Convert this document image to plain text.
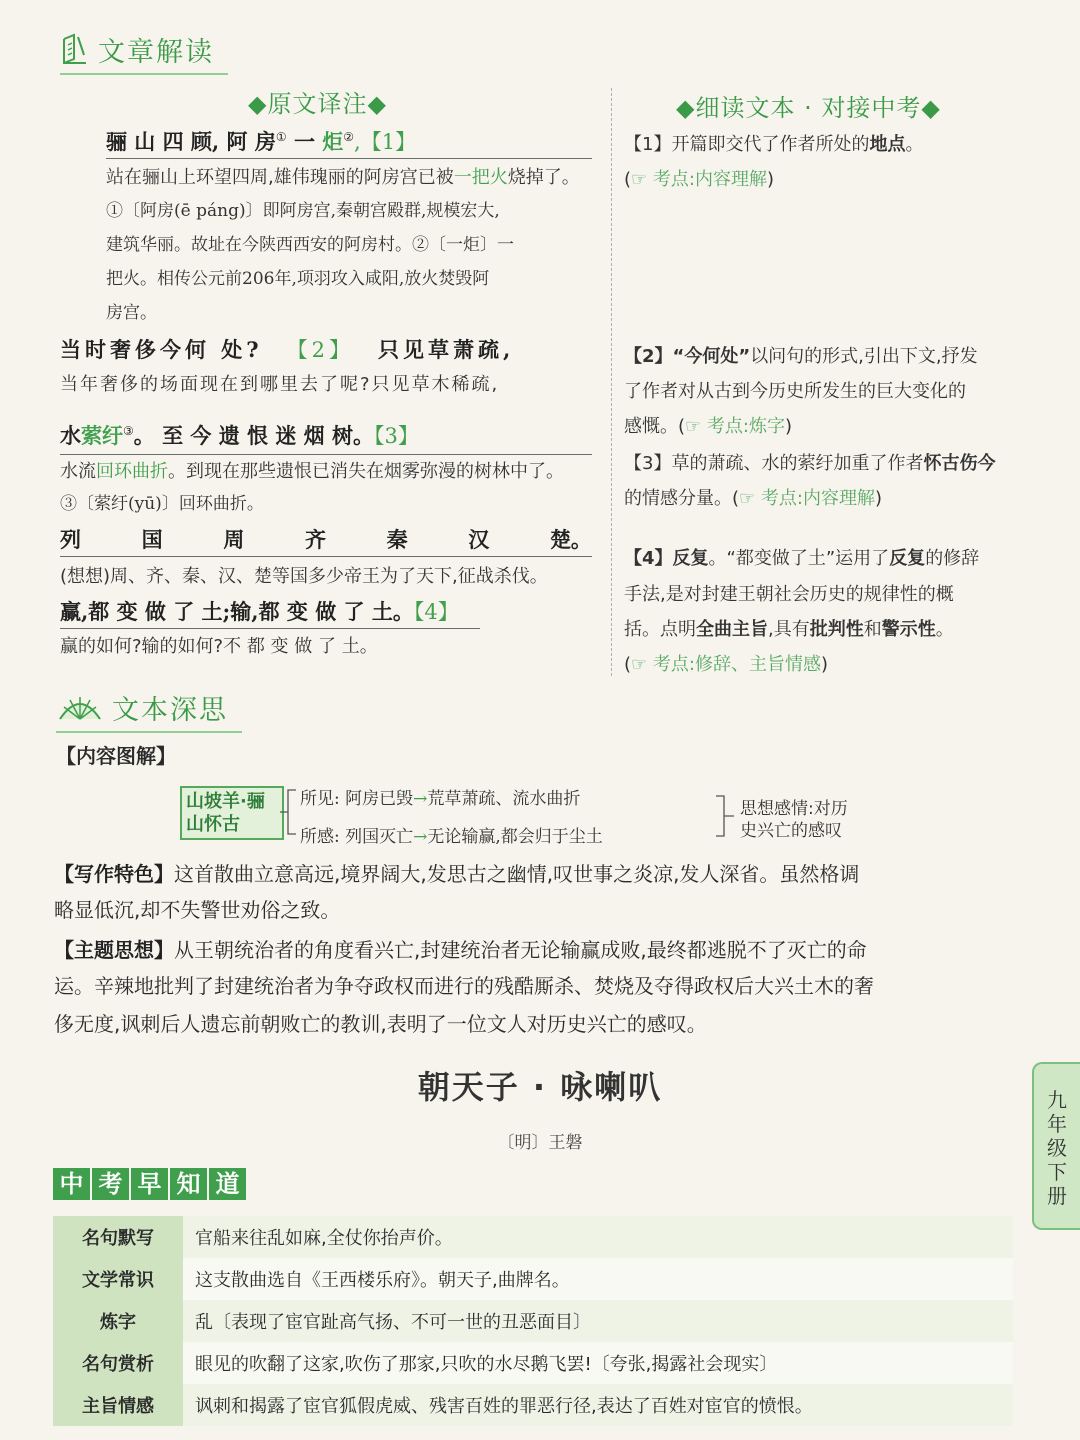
文章解读
◆原文译注◆	◆细读文本 · 对接中考◆
骊 山 四 顾, 阿 房① 一 炬②,【1】
站在骊山上环望四周,雄伟瑰丽的阿房宫已被一把火烧掉了。
①〔阿房(ē páng)〕即阿房宫,秦朝宫殿群,规模宏大,
建筑华丽。故址在今陕西西安的阿房村。②〔一炬〕一
把火。相传公元前206年,项羽攻入咸阳,放火焚毁阿
房宫。
当时奢侈今何 处? 【2】 只见草萧疏,
当年奢侈的场面现在到哪里去了呢?只见草木稀疏,
水萦纡③。 至 今 遗 恨 迷 烟 树。【3】
水流回环曲折。到现在那些遗恨已消失在烟雾弥漫的树林中了。
③〔萦纡(yū)〕回环曲折。
列	国	周	齐	秦	汉	楚。
(想想)周、齐、秦、汉、楚等国多少帝王为了天下,征战杀伐。
赢,都 变 做 了 土;输,都 变 做 了 土。【4】
赢的如何?输的如何?不 都 变 做 了 土。
【1】开篇即交代了作者所处的地点。
(☞ 考点:内容理解)
【2】“今何处”以问句的形式,引出下文,抒发
了作者对从古到今历史所发生的巨大变化的
感慨。(☞ 考点:炼字)
【3】草的萧疏、水的萦纡加重了作者怀古伤今
的情感分量。(☞ 考点:内容理解)
【4】反复。“都变做了土”运用了反复的修辞
手法,是对封建王朝社会历史的规律性的概
括。点明全曲主旨,具有批判性和警示性。
(☞ 考点:修辞、主旨情感)
文本深思
【内容图解】
山坡羊·骊山怀古
所见: 阿房已毁→荒草萧疏、流水曲折
所感: 列国灭亡→无论输赢,都会归于尘土
思想感情:对历
史兴亡的感叹
【写作特色】这首散曲立意高远,境界阔大,发思古之幽情,叹世事之炎凉,发人深省。虽然格调
略显低沉,却不失警世劝俗之致。
【主题思想】从王朝统治者的角度看兴亡,封建统治者无论输赢成败,最终都逃脱不了灭亡的命
运。辛辣地批判了封建统治者为争夺政权而进行的残酷厮杀、焚烧及夺得政权后大兴土木的奢
侈无度,讽刺后人遗忘前朝败亡的教训,表明了一位文人对历史兴亡的感叹。
朝天子 · 咏喇叭
〔明〕王磐
中 考 早 知 道
名句默写	官船来往乱如麻,全仗你抬声价。
文学常识	这支散曲选自《王西楼乐府》。朝天子,曲牌名。
炼字	乱〔表现了宦官趾高气扬、不可一世的丑恶面目〕
名句赏析	眼见的吹翻了这家,吹伤了那家,只吹的水尽鹅飞罢!〔夸张,揭露社会现实〕
主旨情感	讽刺和揭露了宦官狐假虎威、残害百姓的罪恶行径,表达了百姓对宦官的愤恨。
九年级下册
